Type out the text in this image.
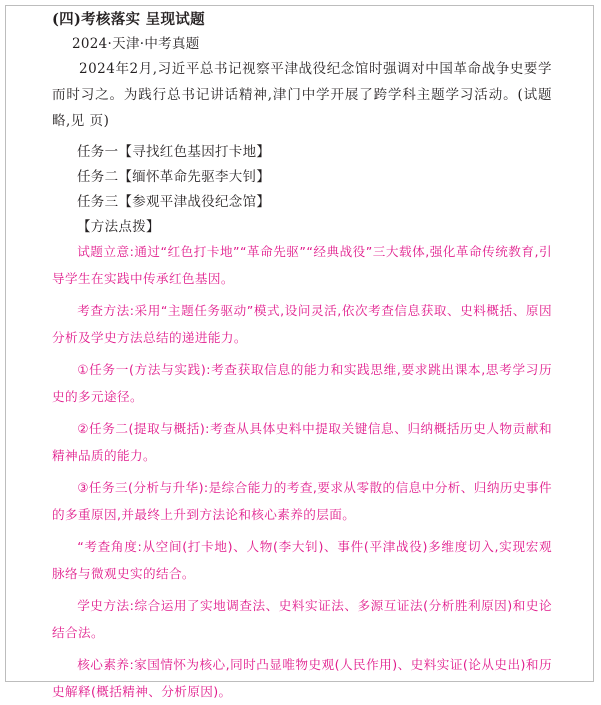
(四)考核落实 呈现试题

2024·天津·中考真题

2024年2月,习近平总书记视察平津战役纪念馆时强调对中国革命战争史要学而时习之。为践行总书记讲话精神,津门中学开展了跨学科主题学习活动。(试题略,见 页)

任务一【寻找红色基因打卡地】

任务二【缅怀革命先驱李大钊】

任务三【参观平津战役纪念馆】

【方法点拨】

试题立意:通过“红色打卡地”“革命先驱”“经典战役”三大载体,强化革命传统教育,引导学生在实践中传承红色基因。

考查方法:采用“主题任务驱动”模式,设问灵活,依次考查信息获取、史料概括、原因分析及学史方法总结的递进能力。

①任务一(方法与实践):考查获取信息的能力和实践思维,要求跳出课本,思考学习历史的多元途径。

②任务二(提取与概括):考查从具体史料中提取关键信息、归纳概括历史人物贡献和精神品质的能力。

③任务三(分析与升华):是综合能力的考查,要求从零散的信息中分析、归纳历史事件的多重原因,并最终上升到方法论和核心素养的层面。

“考查角度:从空间(打卡地)、人物(李大钊)、事件(平津战役)多维度切入,实现宏观脉络与微观史实的结合。

学史方法:综合运用了实地调查法、史料实证法、多源互证法(分析胜利原因)和史论结合法。

核心素养:家国情怀为核心,同时凸显唯物史观(人民作用)、史料实证(论从史出)和历史解释(概括精神、分析原因)。
